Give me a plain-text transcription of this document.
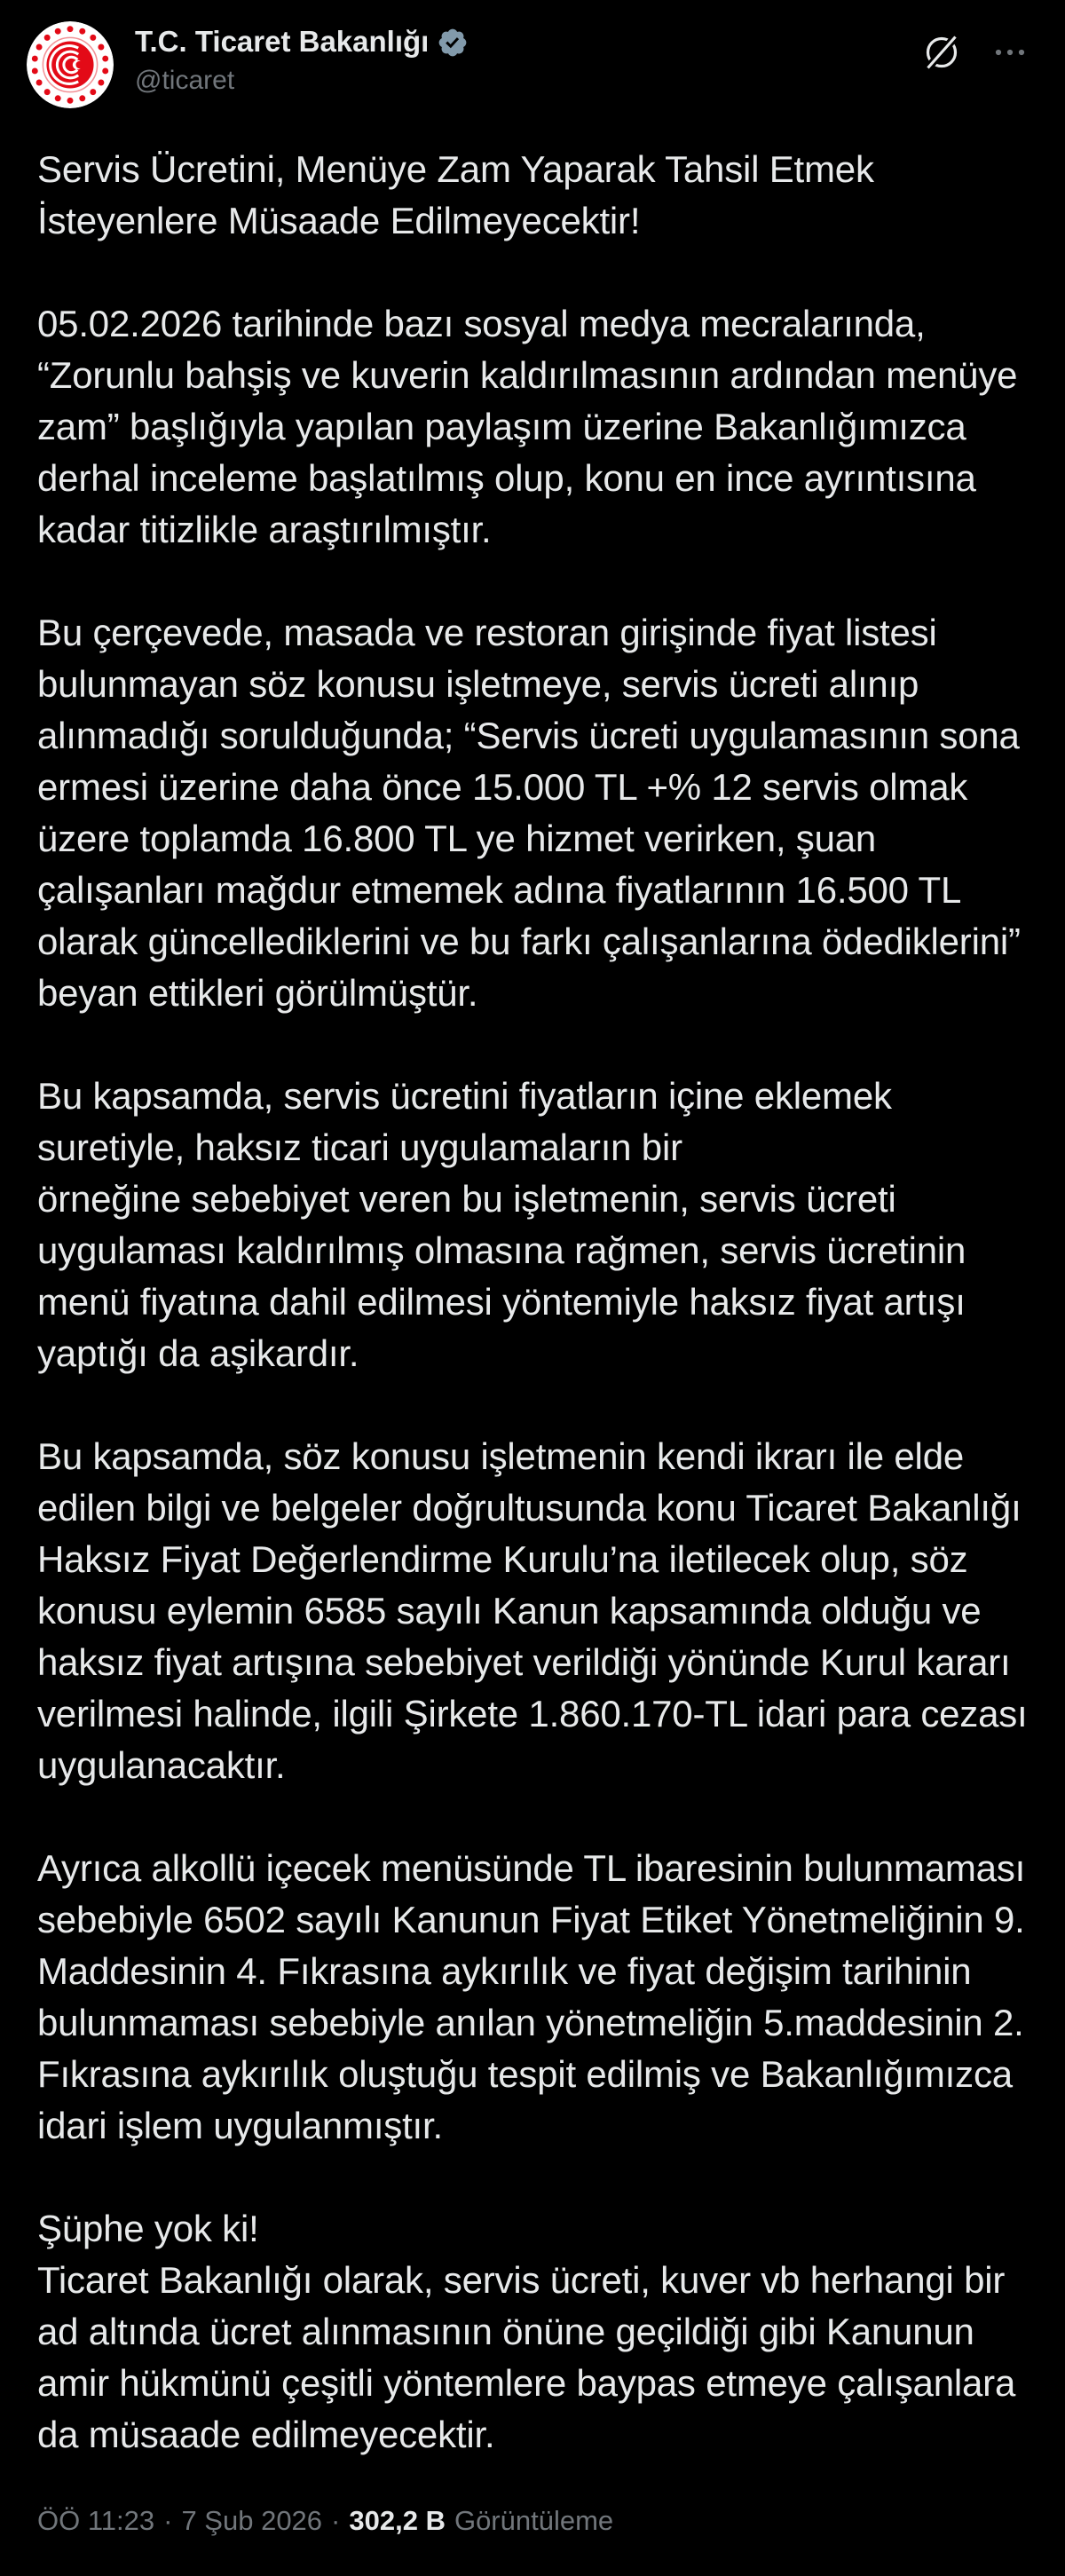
T.C. Ticaret Bakanlığı
@ticaret
Servis Ücretini, Menüye Zam Yaparak Tahsil Etmek
İsteyenlere Müsaade Edilmeyecektir!
05.02.2026 tarihinde bazı sosyal medya mecralarında,
“Zorunlu bahşiş ve kuverin kaldırılmasının ardından menüye
zam” başlığıyla yapılan paylaşım üzerine Bakanlığımızca
derhal inceleme başlatılmış olup, konu en ince ayrıntısına
kadar titizlikle araştırılmıştır.
Bu çerçevede, masada ve restoran girişinde fiyat listesi
bulunmayan söz konusu işletmeye, servis ücreti alınıp
alınmadığı sorulduğunda; “Servis ücreti uygulamasının sona
ermesi üzerine daha önce 15.000 TL +% 12 servis olmak
üzere toplamda 16.800 TL ye hizmet verirken, şuan
çalışanları mağdur etmemek adına fiyatlarının 16.500 TL
olarak güncellediklerini ve bu farkı çalışanlarına ödediklerini”
beyan ettikleri görülmüştür.
Bu kapsamda, servis ücretini fiyatların içine eklemek
suretiyle, haksız ticari uygulamaların bir
örneğine sebebiyet veren bu işletmenin, servis ücreti
uygulaması kaldırılmış olmasına rağmen, servis ücretinin
menü fiyatına dahil edilmesi yöntemiyle haksız fiyat artışı
yaptığı da aşikardır.
Bu kapsamda, söz konusu işletmenin kendi ikrarı ile elde
edilen bilgi ve belgeler doğrultusunda konu Ticaret Bakanlığı
Haksız Fiyat Değerlendirme Kurulu’na iletilecek olup, söz
konusu eylemin 6585 sayılı Kanun kapsamında olduğu ve
haksız fiyat artışına sebebiyet verildiği yönünde Kurul kararı
verilmesi halinde, ilgili Şirkete 1.860.170-TL idari para cezası
uygulanacaktır.
Ayrıca alkollü içecek menüsünde TL ibaresinin bulunmaması
sebebiyle 6502 sayılı Kanunun Fiyat Etiket Yönetmeliğinin 9.
Maddesinin 4. Fıkrasına aykırılık ve fiyat değişim tarihinin
bulunmaması sebebiyle anılan yönetmeliğin 5.maddesinin 2.
Fıkrasına aykırılık oluştuğu tespit edilmiş ve Bakanlığımızca
idari işlem uygulanmıştır.
Şüphe yok ki!
Ticaret Bakanlığı olarak, servis ücreti, kuver vb herhangi bir
ad altında ücret alınmasının önüne geçildiği gibi Kanunun
amir hükmünü çeşitli yöntemlere baypas etmeye çalışanlara
da müsaade edilmeyecektir.
ÖÖ 11:23 · 7 Şub 2026 · 302,2 B Görüntüleme
